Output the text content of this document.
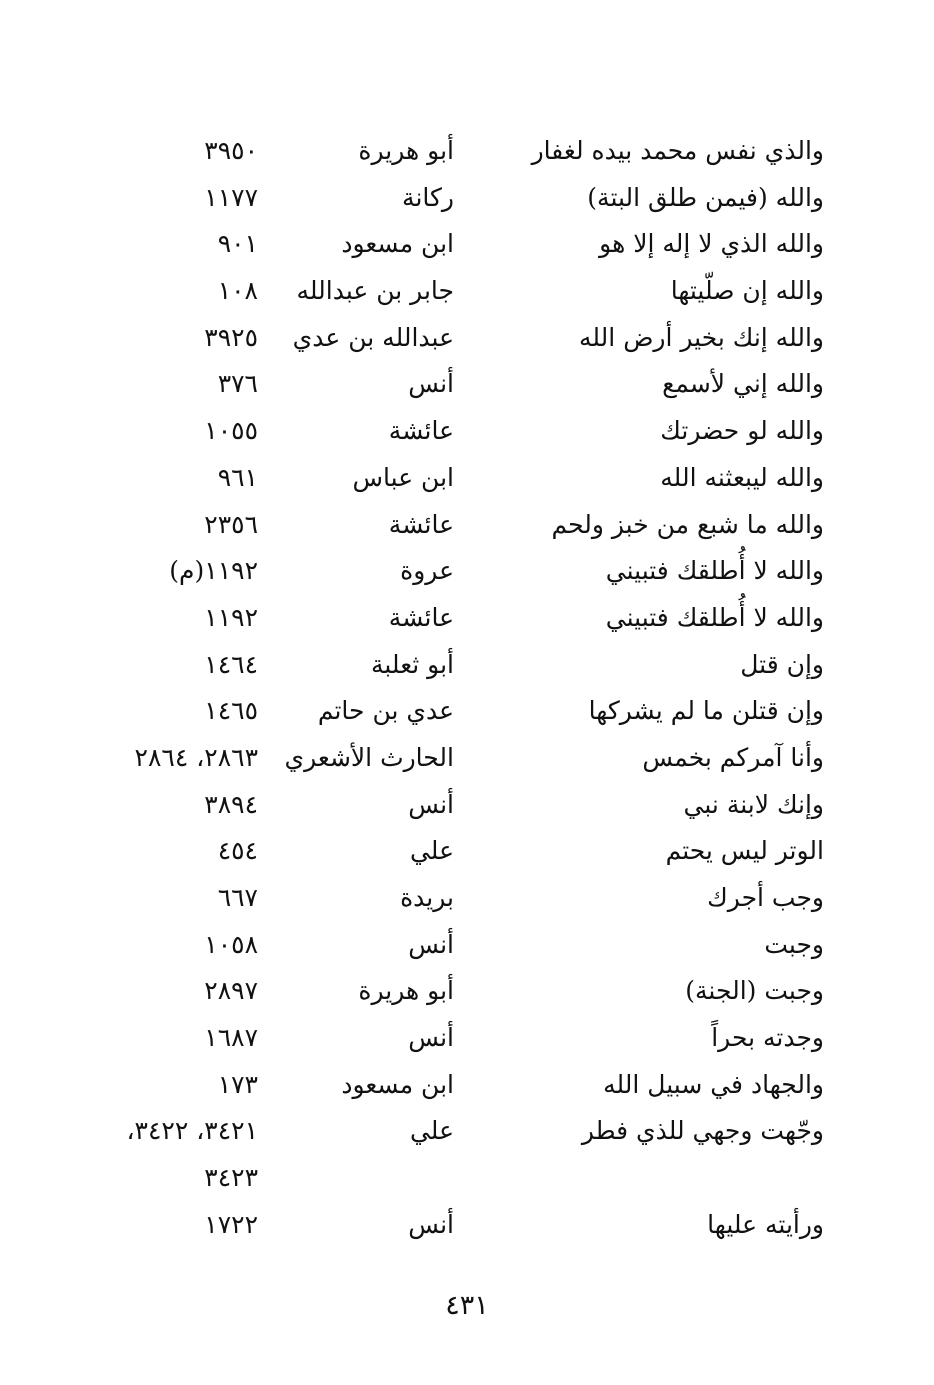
والذي نفس محمد بيده لغفار
أبو هريرة
٣٩٥٠
والله (فيمن طلق البتة)
ركانة
١١٧٧
والله الذي لا إله إلا هو
ابن مسعود
٩٠١
والله إن صلّيتها
جابر بن عبدالله
١٠٨
والله إنك بخير أرض الله
عبدالله بن عدي
٣٩٢٥
والله إني لأسمع
أنس
٣٧٦
والله لو حضرتك
عائشة
١٠٥٥
والله ليبعثنه الله
ابن عباس
٩٦١
والله ما شبع من خبز ولحم
عائشة
٢٣٥٦
والله لا أُطلقك فتبيني
عروة
١١٩٢(م)
والله لا أُطلقك فتبيني
عائشة
١١٩٢
وإن قتل
أبو ثعلبة
١٤٦٤
وإن قتلن ما لم يشركها
عدي بن حاتم
١٤٦٥
وأنا آمركم بخمس
الحارث الأشعري
٢٨٦٣، ٢٨٦٤
وإنك لابنة نبي
أنس
٣٨٩٤
الوتر ليس يحتم
علي
٤٥٤
وجب أجرك
بريدة
٦٦٧
وجبت
أنس
١٠٥٨
وجبت (الجنة)
أبو هريرة
٢٨٩٧
وجدته بحراً
أنس
١٦٨٧
والجهاد في سبيل الله
ابن مسعود
١٧٣
وجّهت وجهي للذي فطر
علي
٣٤٢١، ٣٤٢٢،
٣٤٢٣
ورأيته عليها
أنس
١٧٢٢
٤٣١
